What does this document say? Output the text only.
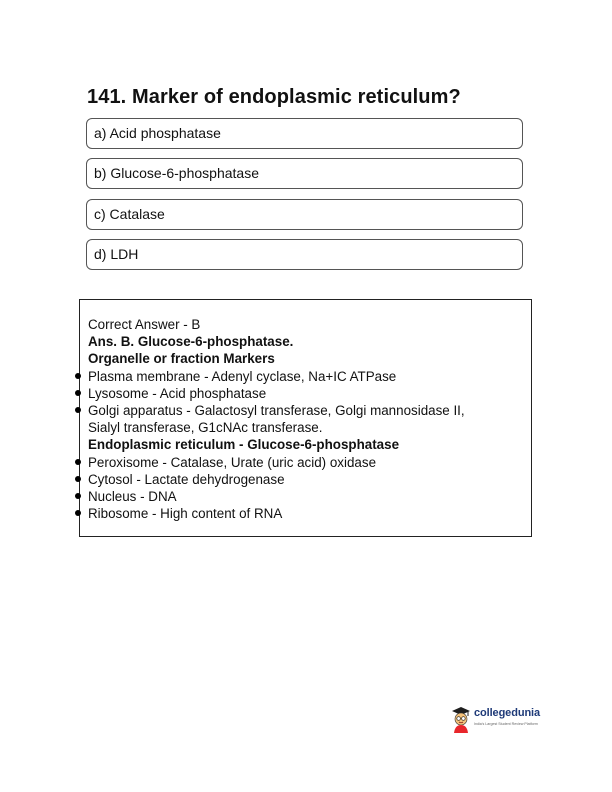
141. Marker of endoplasmic reticulum?
a) Acid phosphatase
b) Glucose-6-phosphatase
c) Catalase
d) LDH
Correct Answer - B
Ans. B. Glucose-6-phosphatase.
Organelle or fraction Markers
Plasma membrane - Adenyl cyclase, Na+IC ATPase
Lysosome - Acid phosphatase
Golgi apparatus - Galactosyl transferase, Golgi mannosidase II,
Sialyl transferase, G1cNAc transferase.
Endoplasmic reticulum - Glucose-6-phosphatase
Peroxisome - Catalase, Urate (uric acid) oxidase
Cytosol - Lactate dehydrogenase
Nucleus - DNA
Ribosome - High content of RNA
collegedunia
India's Largest Student Review Platform
